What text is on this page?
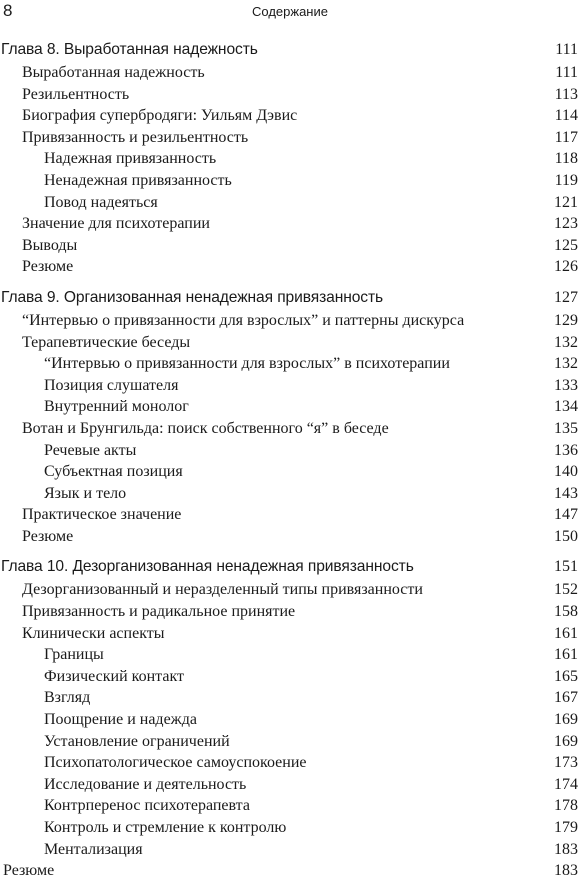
8	Содержание
Глава 8. Выработанная надежность	111
Выработанная надежность	111
Резильентность	113
Биография супербродяги: Уильям Дэвис	114
Привязанность и резильентность	117
Надежная привязанность	118
Ненадежная привязанность	119
Повод надеяться	121
Значение для психотерапии	123
Выводы	125
Резюме	126
Глава 9. Организованная ненадежная привязанность	127
“Интервью о привязанности для взрослых” и паттерны дискурса	129
Терапевтические беседы	132
“Интервью о привязанности для взрослых” в психотерапии	132
Позиция слушателя	133
Внутренний монолог	134
Вотан и Брунгильда: поиск собственного “я” в беседе	135
Речевые акты	136
Субъектная позиция	140
Язык и тело	143
Практическое значение	147
Резюме	150
Глава 10. Дезорганизованная ненадежная привязанность	151
Дезорганизованный и неразделенный типы привязанности	152
Привязанность и радикальное принятие	158
Клинически аспекты	161
Границы	161
Физический контакт	165
Взгляд	167
Поощрение и надежда	169
Установление ограничений	169
Психопатологическое самоуспокоение	173
Исследование и деятельность	174
Контрперенос психотерапевта	178
Контроль и стремление к контролю	179
Ментализация	183
Резюме	183
